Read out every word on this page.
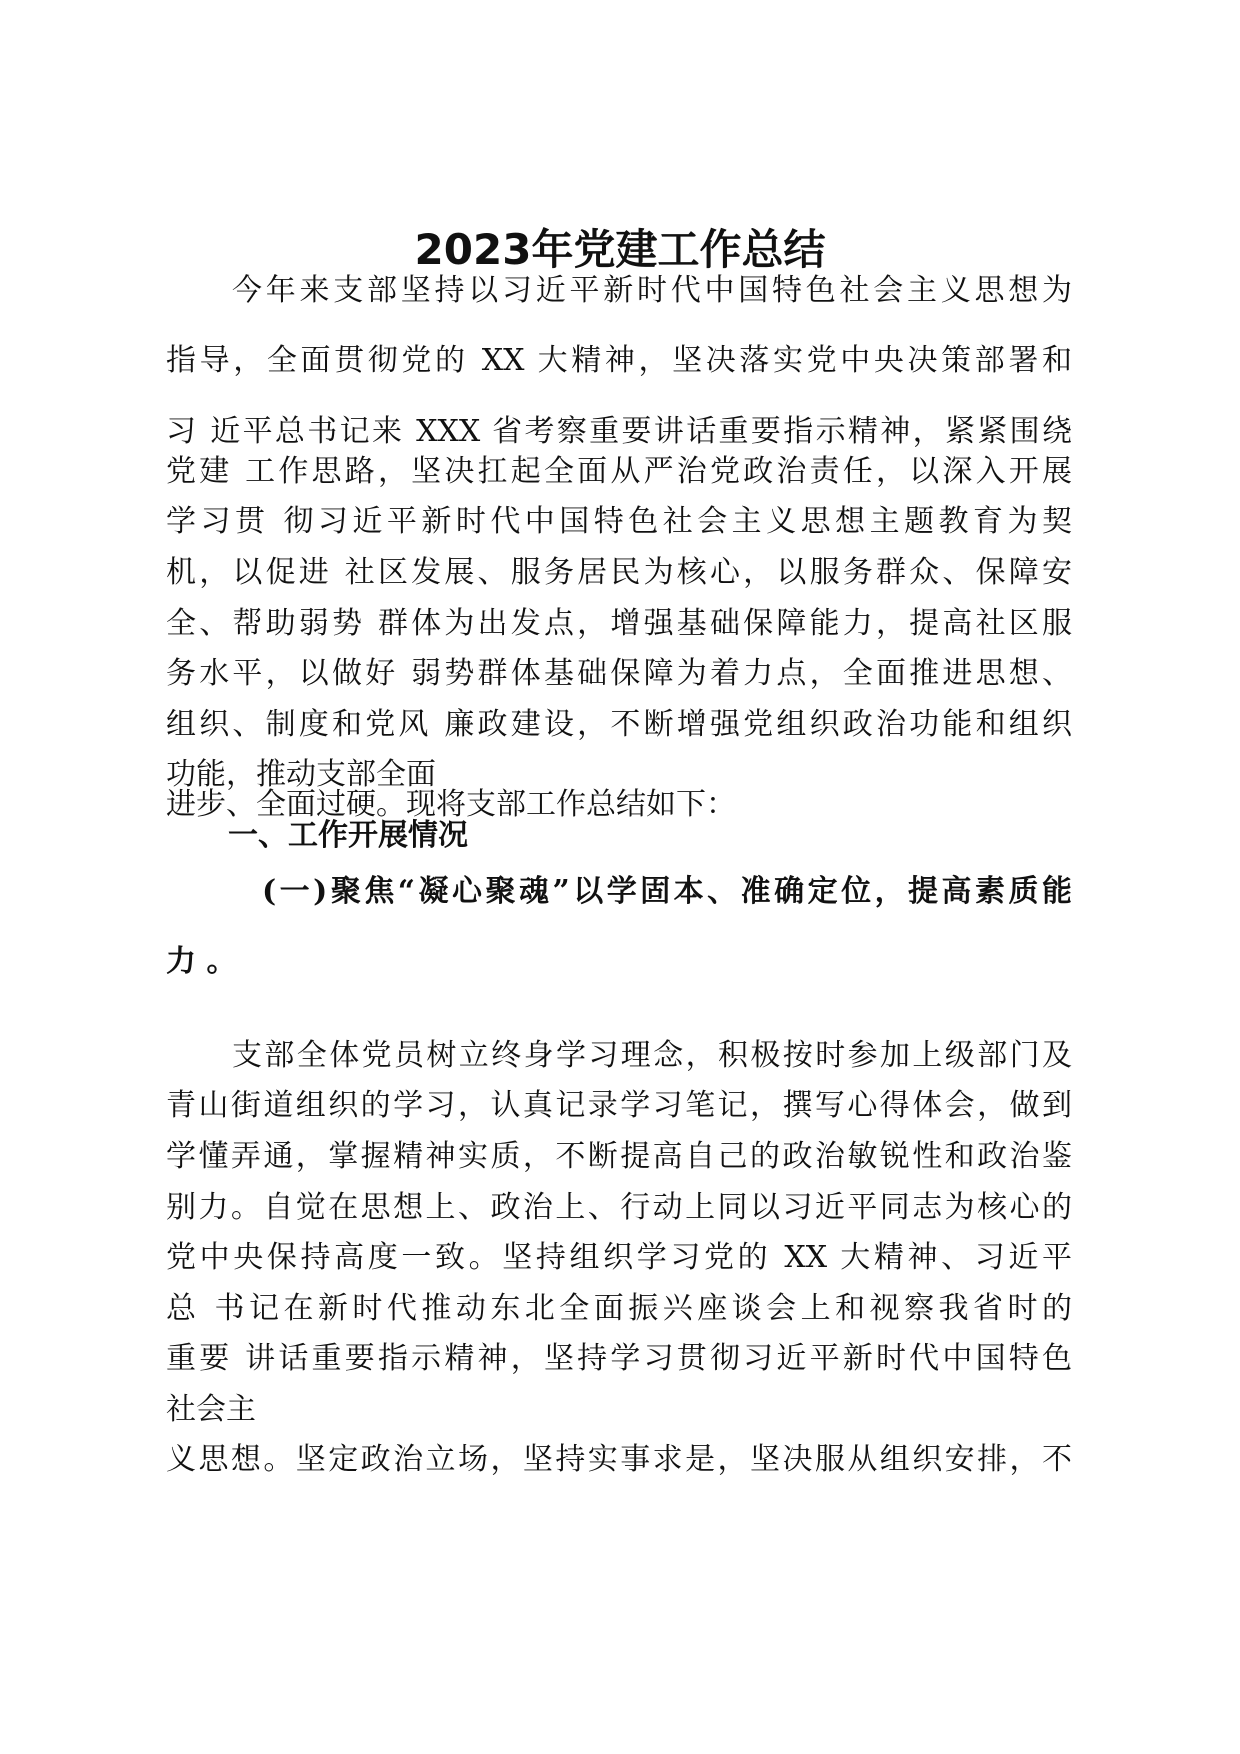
2023年党建工作总结
今年来支部坚持以习近平新时代中国特色社会主义思想为
指导，全面贯彻党的 XX 大精神，坚决落实党中央决策部署和
习 近平总书记来 XXX 省考察重要讲话重要指示精神，紧紧围绕
党建 工作思路，坚决扛起全面从严治党政治责任，以深入开展
学习贯 彻习近平新时代中国特色社会主义思想主题教育为契
机，以促进 社区发展、服务居民为核心，以服务群众、保障安
全、帮助弱势 群体为出发点，增强基础保障能力，提高社区服
务水平，以做好 弱势群体基础保障为着力点，全面推进思想、
组织、制度和党风 廉政建设，不断增强党组织政治功能和组织
功能，推动支部全面
进步、全面过硬。现将支部工作总结如下：
一、工作开展情况
(一)聚焦“凝心聚魂”以学固本、准确定位，提高素质能
力 。
支部全体党员树立终身学习理念，积极按时参加上级部门及
青山街道组织的学习，认真记录学习笔记，撰写心得体会，做到
学懂弄通，掌握精神实质，不断提高自己的政治敏锐性和政治鉴
别力。自觉在思想上、政治上、行动上同以习近平同志为核心的
党中央保持高度一致。坚持组织学习党的 XX 大精神、习近平
总 书记在新时代推动东北全面振兴座谈会上和视察我省时的
重要 讲话重要指示精神，坚持学习贯彻习近平新时代中国特色
社会主
义思想。坚定政治立场，坚持实事求是，坚决服从组织安排，不
